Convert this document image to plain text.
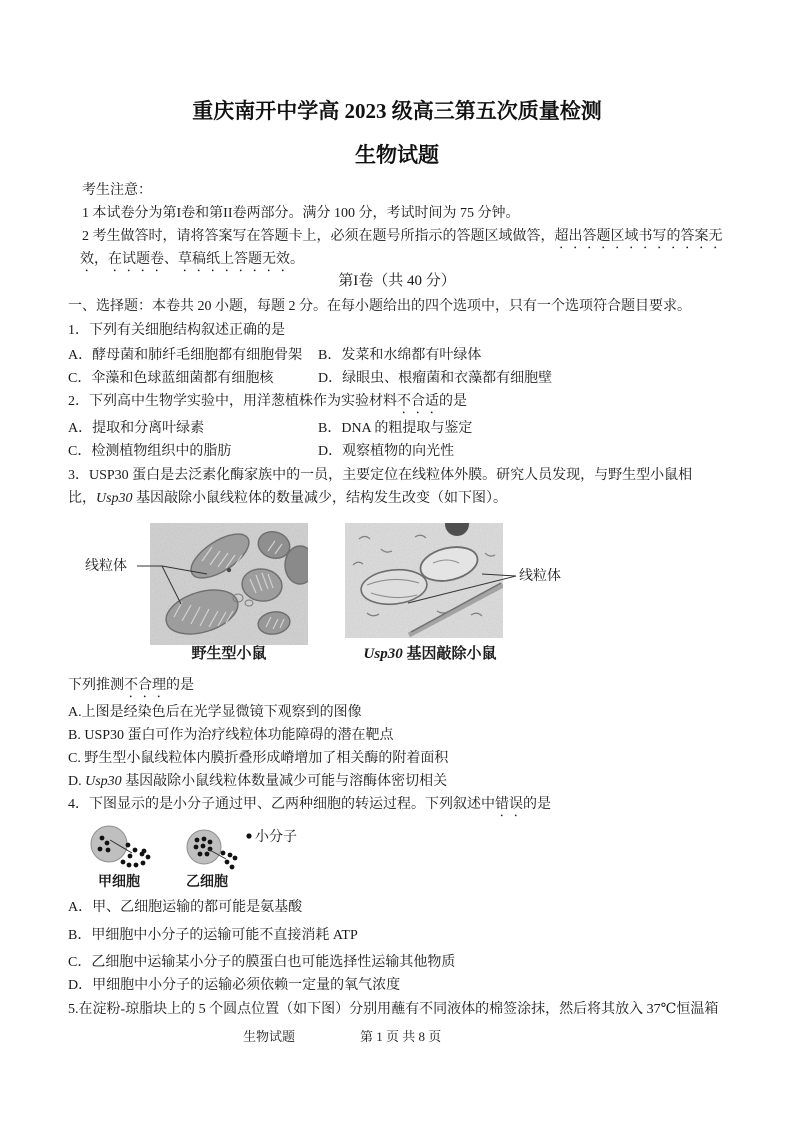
重庆南开中学高 2023 级高三第五次质量检测
生物试题
考生注意：
1 本试卷分为第I卷和第II卷两部分。满分 100 分，考试时间为 75 分钟。
2 考生做答时，请将答案写在答题卡上，必须在题号所指示的答题区域做答，超出答题区域书写的答案无
效，在试题卷、草稿纸上答题无效。
第I卷（共 40 分）
一、选择题：本卷共 20 小题，每题 2 分。在每小题给出的四个选项中，只有一个选项符合题目要求。
1．下列有关细胞结构叙述正确的是
A．酵母菌和肺纤毛细胞都有细胞骨架 B．发菜和水绵都有叶绿体
C．伞藻和色球蓝细菌都有细胞核	D．绿眼虫、根瘤菌和衣藻都有细胞壁
2．下列高中生物学实验中，用洋葱植株作为实验材料不合适的是
A．提取和分离叶绿素	B．DNA 的粗提取与鉴定
C．检测植物组织中的脂肪	D．观察植物的向光性
3．USP30 蛋白是去泛素化酶家族中的一员，主要定位在线粒体外膜。研究人员发现，与野生型小鼠相
比，Usp30 基因敲除小鼠线粒体的数量减少，结构发生改变（如下图）。
线粒体
线粒体
野生型小鼠	Usp30 基因敲除小鼠
下列推测不合理的是
A.上图是经染色后在光学显微镜下观察到的图像
B. USP30 蛋白可作为治疗线粒体功能障碍的潜在靶点
C. 野生型小鼠线粒体内膜折叠形成嵴增加了相关酶的附着面积
D. Usp30 基因敲除小鼠线粒体数量减少可能与溶酶体密切相关
4．下图显示的是小分子通过甲、乙两种细胞的转运过程。下列叙述中错误的是
小分子
甲细胞	乙细胞
A．甲、乙细胞运输的都可能是氨基酸
B．甲细胞中小分子的运输可能不直接消耗 ATP
C．乙细胞中运输某小分子的膜蛋白也可能选择性运输其他物质
D．甲细胞中小分子的运输必须依赖一定量的氧气浓度
5.在淀粉-琼脂块上的 5 个圆点位置（如下图）分别用蘸有不同液体的棉签涂抹，然后将其放入 37℃恒温箱
生物试题	第 1 页 共 8 页
